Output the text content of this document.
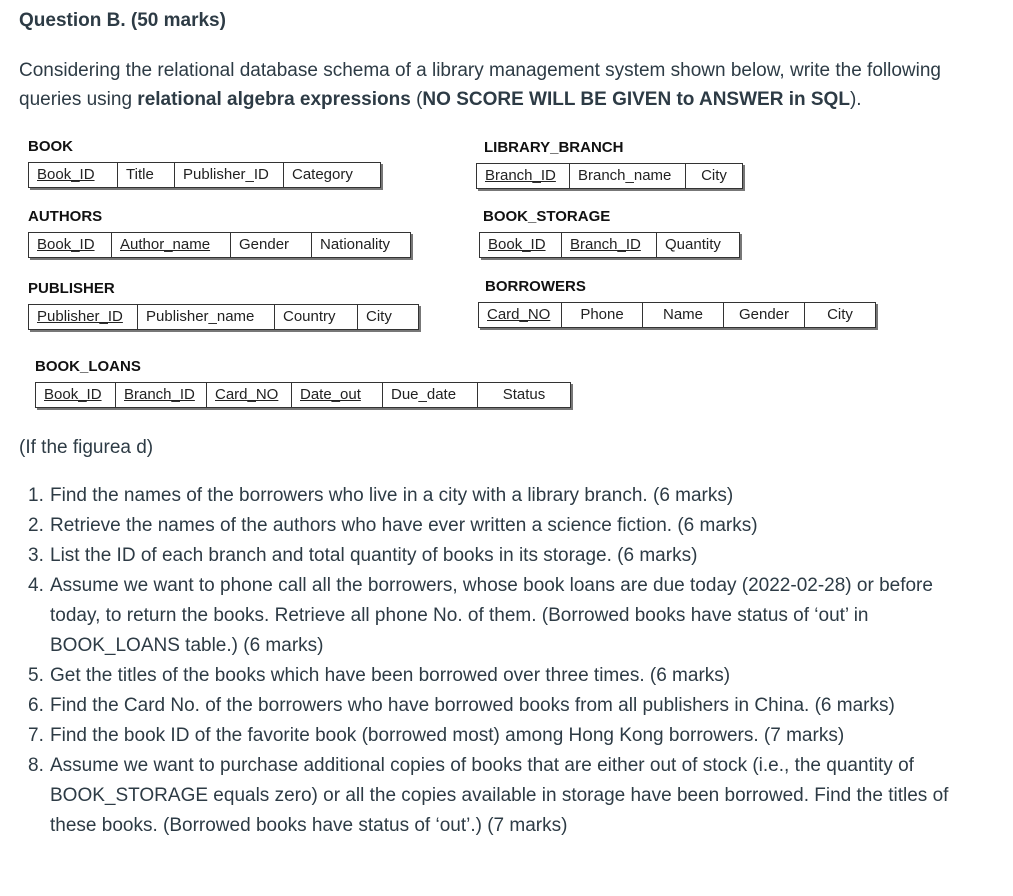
Question B. (50 marks)
Considering the relational database schema of a library management system shown below, write the following queries using relational algebra expressions (NO SCORE WILL BE GIVEN to ANSWER in SQL).
BOOK
Book_ID	Title	Publisher_ID	Category
AUTHORS
Book_ID	Author_name	Gender	Nationality
PUBLISHER
Publisher_ID	Publisher_name	Country	City
BOOK_LOANS
Book_ID	Branch_ID	Card_NO	Date_out	Due_date	Status
LIBRARY_BRANCH
Branch_ID	Branch_name	City
BOOK_STORAGE
Book_ID	Branch_ID	Quantity
BORROWERS
Card_NO	Phone	Name	Gender	City
(If the figurea d)
1. Find the names of the borrowers who live in a city with a library branch. (6 marks)
2. Retrieve the names of the authors who have ever written a science fiction. (6 marks)
3. List the ID of each branch and total quantity of books in its storage. (6 marks)
4. Assume we want to phone call all the borrowers, whose book loans are due today (2022-02-28) or before today, to return the books. Retrieve all phone No. of them. (Borrowed books have status of ‘out’ in BOOK_LOANS table.) (6 marks)
5. Get the titles of the books which have been borrowed over three times. (6 marks)
6. Find the Card No. of the borrowers who have borrowed books from all publishers in China. (6 marks)
7. Find the book ID of the favorite book (borrowed most) among Hong Kong borrowers. (7 marks)
8. Assume we want to purchase additional copies of books that are either out of stock (i.e., the quantity of BOOK_STORAGE equals zero) or all the copies available in storage have been borrowed. Find the titles of these books. (Borrowed books have status of ‘out’.) (7 marks)
